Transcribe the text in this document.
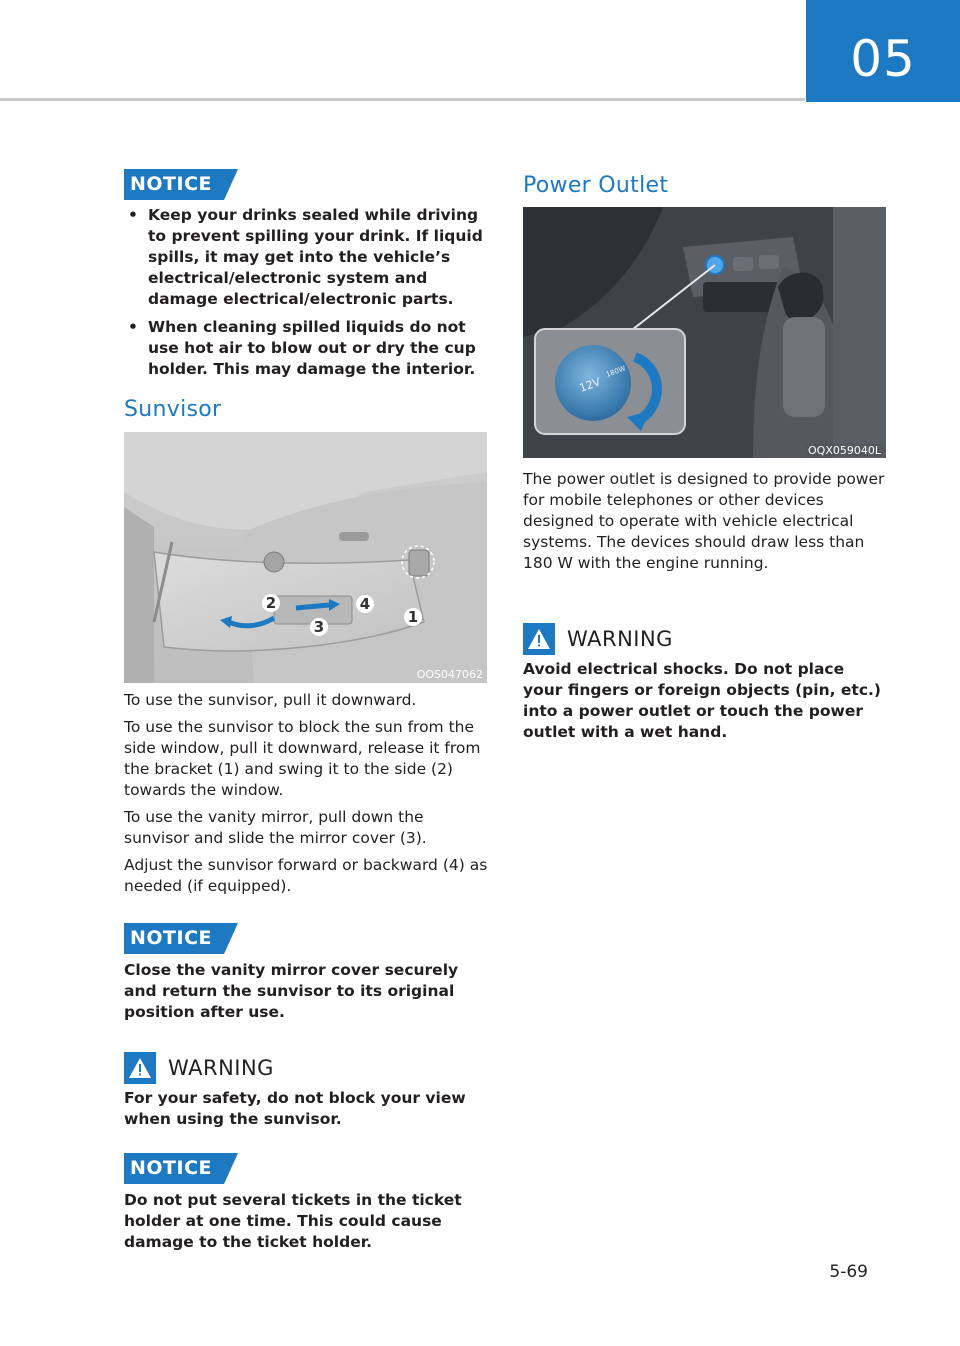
05
NOTICE
• Keep your drinks sealed while driving to prevent spilling your drink. If liquid spills, it may get into the vehicle’s electrical/electronic system and damage electrical/electronic parts.
• When cleaning spilled liquids do not use hot air to blow out or dry the cup holder. This may damage the interior.
Sunvisor
2
3
4
1
OOS047062

To use the sunvisor, pull it downward.

To use the sunvisor to block the sun from the side window, pull it downward, release it from the bracket (1) and swing it to the side (2) towards the window.

To use the vanity mirror, pull down the sunvisor and slide the mirror cover (3).

Adjust the sunvisor forward or backward (4) as needed (if equipped).

NOTICE
Close the vanity mirror cover securely and return the sunvisor to its original position after use.
WARNING
For your safety, do not block your view when using the sunvisor.
NOTICE
Do not put several tickets in the ticket holder at one time. This could cause damage to the ticket holder.
Power Outlet
12V
180W
OQX059040L
The power outlet is designed to provide power for mobile telephones or other devices designed to operate with vehicle electrical systems. The devices should draw less than 180 W with the engine running.
WARNING
Avoid electrical shocks. Do not place your fingers or foreign objects (pin, etc.) into a power outlet or touch the power outlet with a wet hand.
5-69
